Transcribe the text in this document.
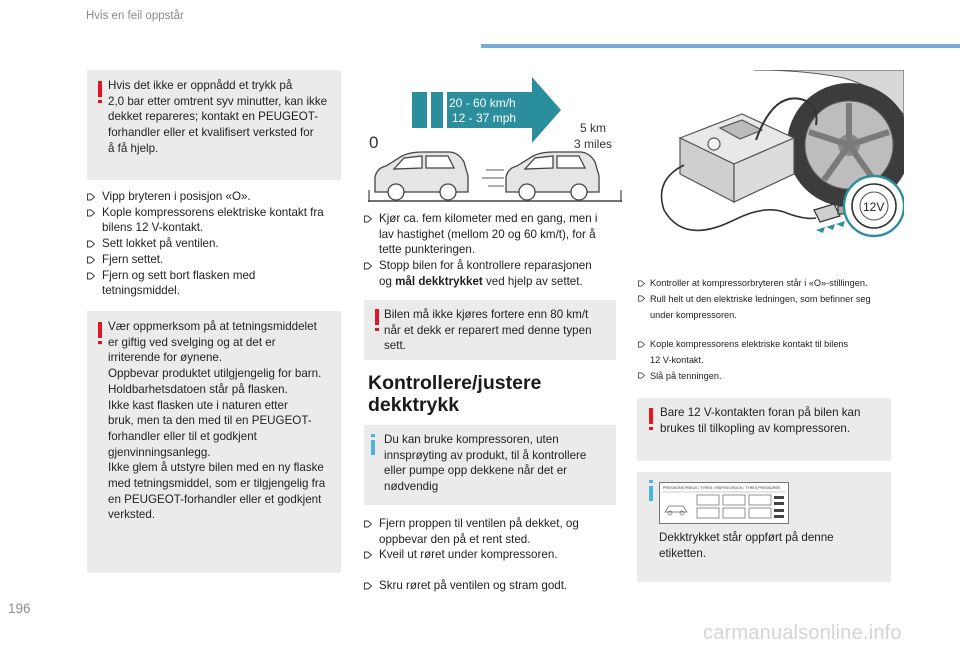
Hvis en feil oppstår
Hvis det ikke er oppnådd et trykk på
2,0 bar etter omtrent syv minutter, kan ikke
dekket repareres; kontakt en PEUGEOT-
forhandler eller et kvalifisert verksted for
å få hjelp.
Vipp bryteren i posisjon «O».
Kople kompressorens elektriske kontakt fra
bilens 12 V-kontakt.
Sett lokket på ventilen.
Fjern settet.
Fjern og sett bort flasken med
tetningsmiddel.
Vær oppmerksom på at tetningsmiddelet
er giftig ved svelging og at det er
irriterende for øynene.
Oppbevar produktet utilgjengelig for barn.
Holdbarhetsdatoen står på flasken.
Ikke kast flasken ute i naturen etter
bruk, men ta den med til en PEUGEOT-
forhandler eller til et godkjent
gjenvinningsanlegg.
Ikke glem å utstyre bilen med en ny flaske
med tetningsmiddel, som er tilgjengelig fra
en PEUGEOT-forhandler eller et godkjent
verksted.
20 - 60 km/h
12 - 37 mph
0
5 km
3 miles
Kjør ca. fem kilometer med en gang, men i
lav hastighet (mellom 20 og 60 km/t), for å
tette punkteringen.
Stopp bilen for å kontrollere reparasjonen
og mål dekktrykket ved hjelp av settet.
Bilen må ikke kjøres fortere enn 80 km/t
når et dekk er reparert med denne typen
sett.
Kontrollere/justere
dekktrykk
Du kan bruke kompressoren, uten
innsprøyting av produkt, til å kontrollere
eller pumpe opp dekkene når det er
nødvendig
Fjern proppen til ventilen på dekket, og
oppbevar den på et rent sted.
Kveil ut røret under kompressoren.
Skru røret på ventilen og stram godt.
12V
Kontroller at kompressorbryteren står i «O»-stillingen.
Rull helt ut den elektriske ledningen, som befinner seg
under kompressoren.
Kople kompressorens elektriske kontakt til bilens
12 V-kontakt.
Slå på tenningen.
Bare 12 V-kontakten foran på bilen kan
brukes til tilkopling av kompressoren.
PRESSIONS PNEUS / TYRES / REIFEN DRUCK / TYRES PRESSURES
Dekktrykket står oppført på denne
etiketten.
196
carmanualsonline.info
